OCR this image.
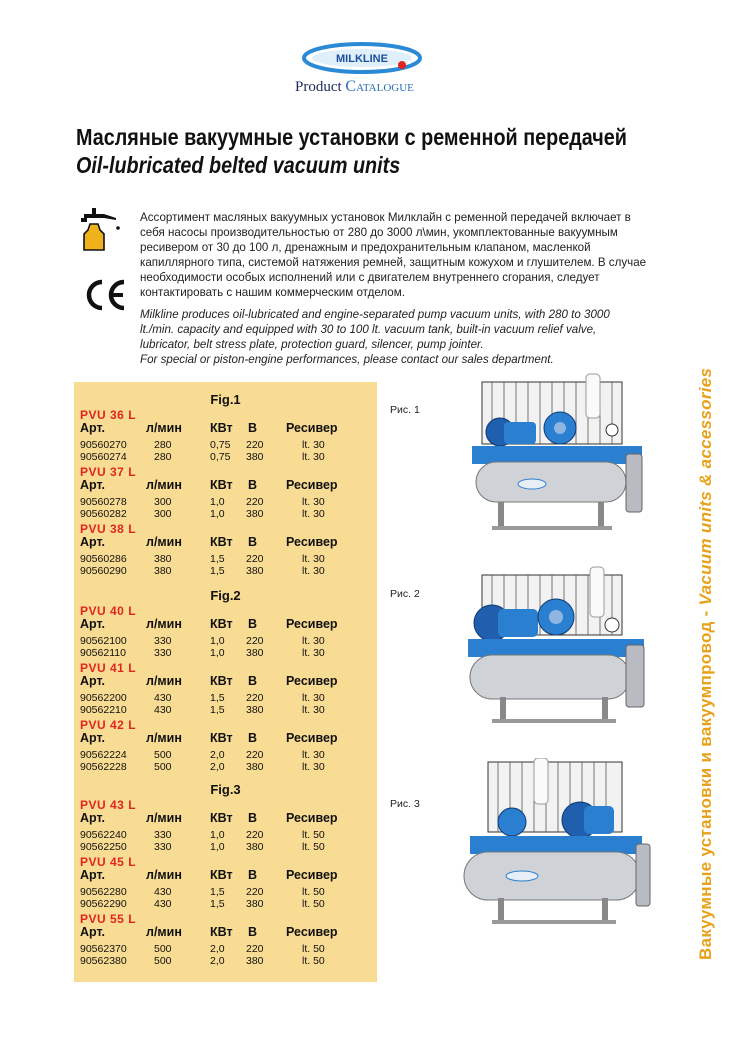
MILKLINE
Product Catalogue
Масляные вакуумные установки с ременной передачей
Oil-lubricated belted vacuum units
Ассортимент масляных вакуумных установок Милклайн с ременной передачей включает в
себя насосы производительностью от 280 до 3000 л\мин, укомплектованные вакуумным
ресивером от 30 до 100 л, дренажным и предохранительным клапаном, масленкой
капиллярного типа, системой натяжения ремней, защитным кожухом и глушителем. В случае
необходимости особых исполнений или с двигателем внутреннего сгорания, следует
контактировать с нашим коммерческим отделом.
Milkline produces oil-lubricated and engine-separated pump vacuum units, with 280 to 3000
lt./min. capacity and equipped with 30 to 100 lt. vacuum tank, built-in vacuum relief valve,
lubricator, belt stress plate, protection guard, silencer, pump jointer.
For special or piston-engine performances, please contact our sales department.
Вакуумные установки и вакуумпровод - Vacuum units & accessories
Fig.1
PVU 36 L
Арт.	л/мин КВт В Ресивер
90560270	280	0,75 220	lt. 30
90560274	280	0,75 380	lt. 30
PVU 37 L
Арт.	л/мин КВт В Ресивер
90560278	300	1,0 220	lt. 30
90560282	300	1,0 380	lt. 30
PVU 38 L
Арт.	л/мин КВт В Ресивер
90560286	380	1,5 220	lt. 30
90560290	380	1,5 380	lt. 30
Fig.2
PVU 40 L
Арт.	л/мин КВт В Ресивер
90562100	330	1,0 220	lt. 30
90562110	330	1,0 380	lt. 30
PVU 41 L
Арт.	л/мин КВт В Ресивер
90562200	430	1,5 220	lt. 30
90562210	430	1,5 380	lt. 30
PVU 42 L
Арт.	л/мин КВт В Ресивер
90562224	500	2,0 220	lt. 30
90562228	500	2,0 380	lt. 30
Fig.3
PVU 43 L
Арт.	л/мин КВт В Ресивер
90562240	330	1,0 220	lt. 50
90562250	330	1,0 380	lt. 50
PVU 45 L
Арт.	л/мин КВт В Ресивер
90562280	430	1,5 220	lt. 50
90562290	430	1,5 380	lt. 50
PVU 55 L
Арт.	л/мин КВт В Ресивер
90562370	500	2,0 220	lt. 50
90562380	500	2,0 380	lt. 50
Рис. 1
Рис. 2
Рис. 3
